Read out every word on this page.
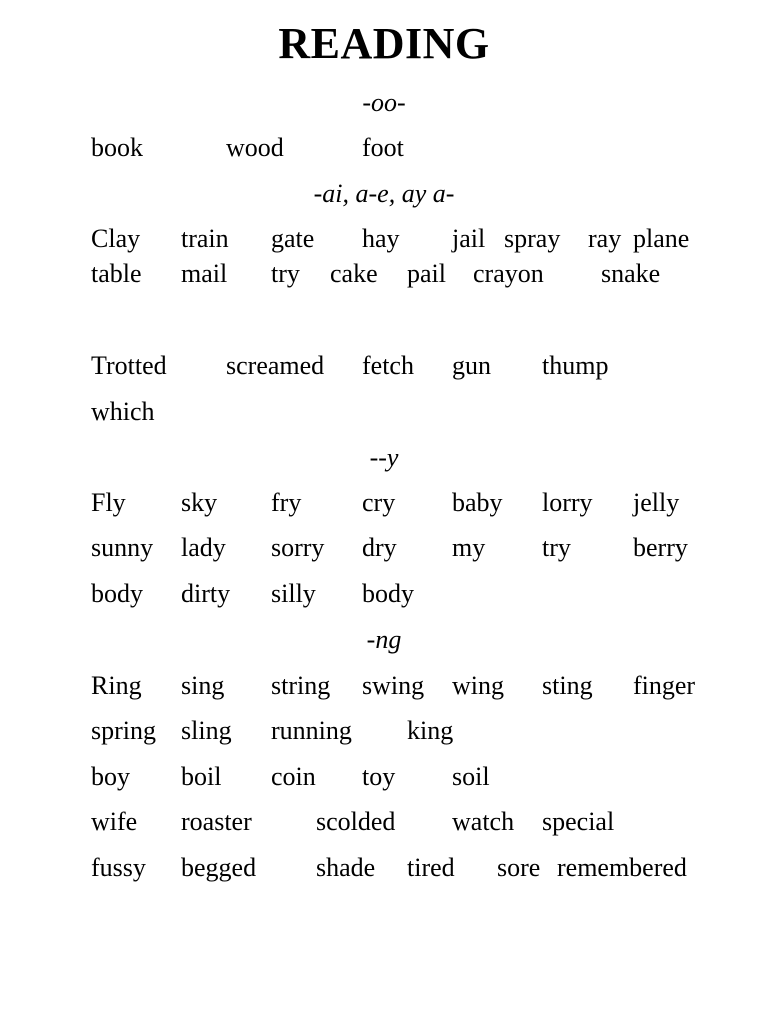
READING
-oo-
book	wood	foot
-ai, a-e, ay a-
Clay train gate hay jail spray ray plane
table mail try cake pail crayon snake
Trotted screamed fetch gun thump
which
--y
Fly sky fry cry baby lorry jelly
sunny lady sorry dry my try berry
body dirty silly body
-ng
Ring sing string swing wing sting finger
spring sling running king
boy boil coin toy soil
wife roaster scolded watch special
fussy begged shade tired sore remembered
